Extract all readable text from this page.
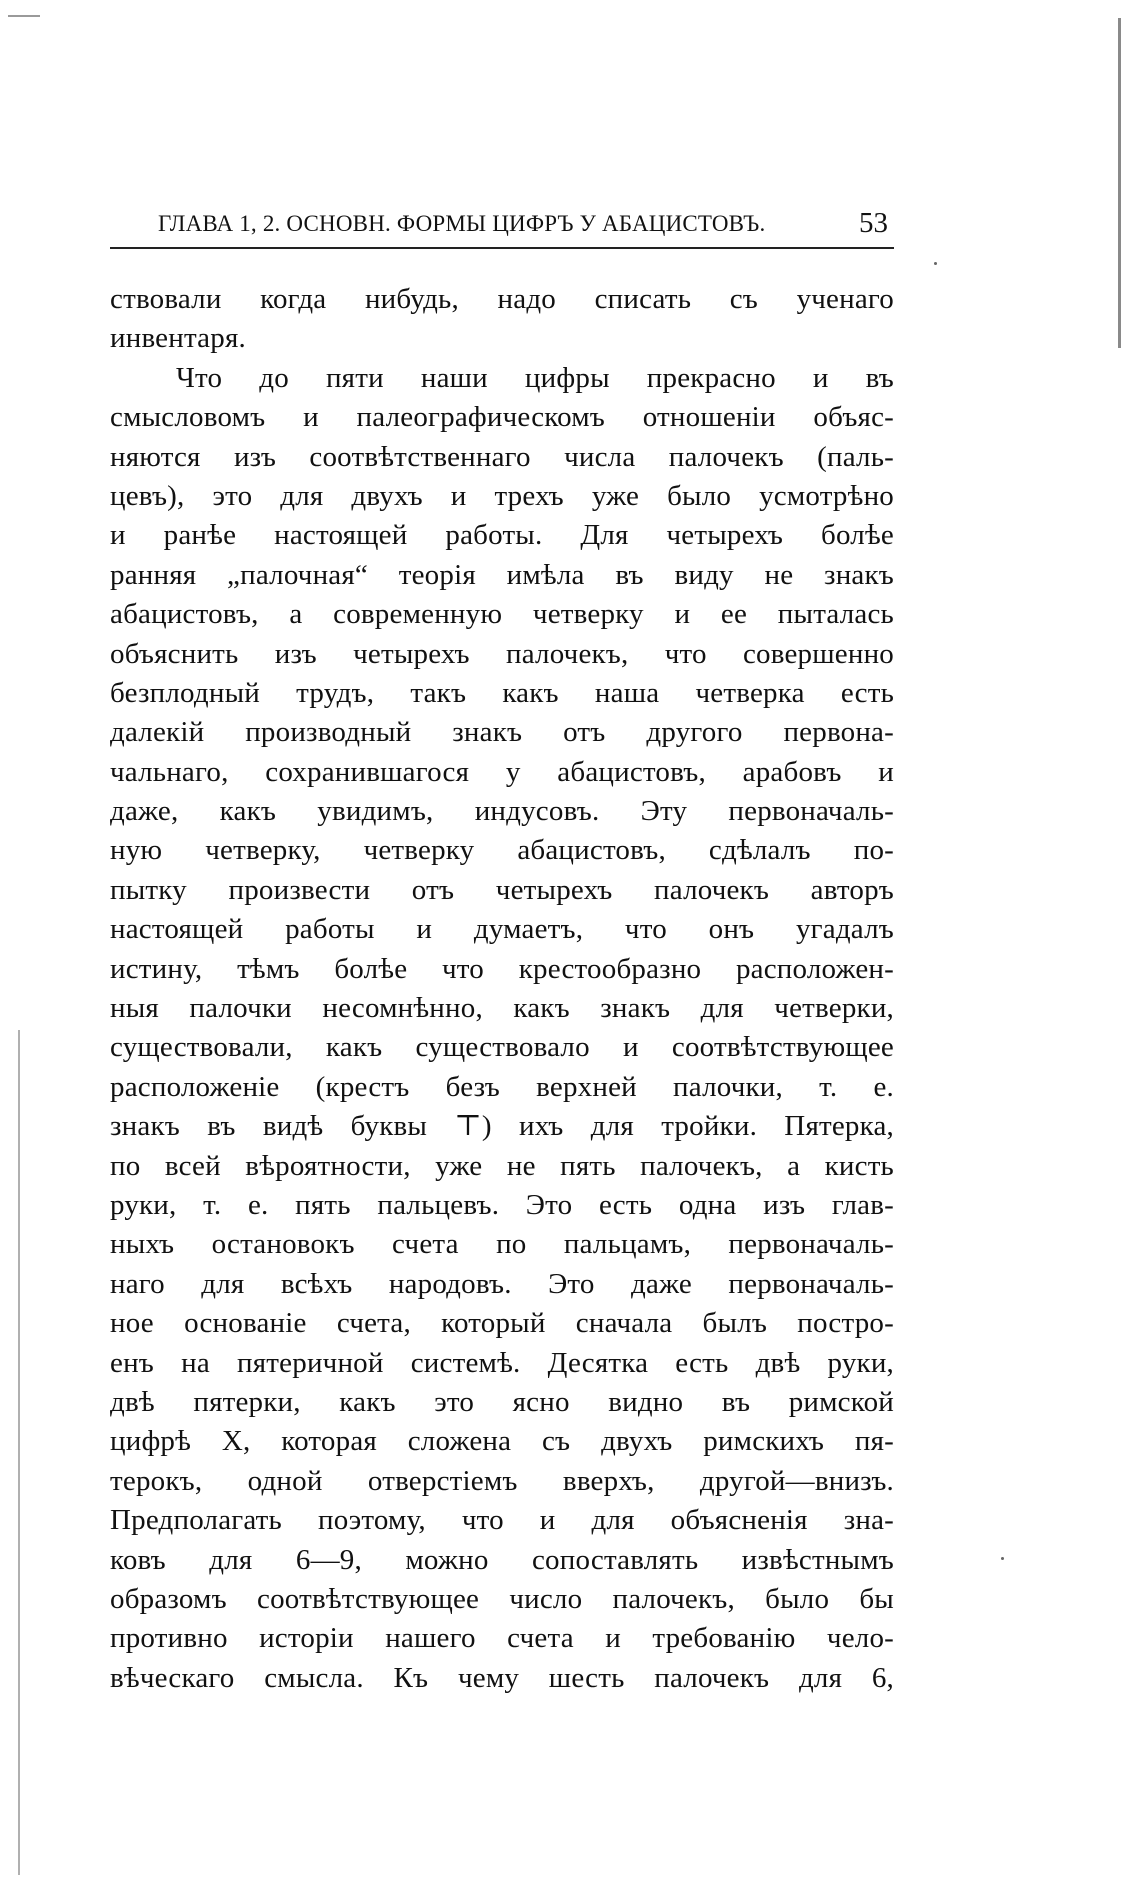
ГЛАВА 1, 2. ОСНОВН. ФОРМЫ ЦИФРЪ У АБАЦИСТОВЪ.	53
ствовали когда нибудь, надо списать съ ученаго
инвентаря.
Что до пяти наши цифры прекрасно и въ
смысловомъ и палеографическомъ отношенiи объяс-
няются изъ соотвѣтственнаго числа палочекъ (паль-
цевъ), это для двухъ и трехъ уже было усмотрѣно
и ранѣе настоящей работы. Для четырехъ болѣе
ранняя „палочная“ теорiя имѣла въ виду не знакъ
абацистовъ, а современную четверку и ее пыталась
объяснить изъ четырехъ палочекъ, что совершенно
безплодный трудъ, такъ какъ наша четверка есть
далекiй производный знакъ отъ другого первона-
чальнаго, сохранившагося у абацистовъ, арабовъ и
даже, какъ увидимъ, индусовъ. Эту первоначаль-
ную четверку, четверку абацистовъ, сдѣлалъ по-
пытку произвести отъ четырехъ палочекъ авторъ
настоящей работы и думаетъ, что онъ угадалъ
истину, тѣмъ болѣе что крестообразно расположен-
ныя палочки несомнѣнно, какъ знакъ для четверки,
существовали, какъ существовало и соотвѣтствующее
расположенiе (крестъ безъ верхней палочки, т. е.
знакъ въ видѣ буквы ⊤) ихъ для тройки. Пятерка,
по всей вѣроятности, уже не пять палочекъ, а кисть
руки, т. е. пять пальцевъ. Это есть одна изъ глав-
ныхъ остановокъ счета по пальцамъ, первоначаль-
наго для всѣхъ народовъ. Это даже первоначаль-
ное основанiе счета, который сначала былъ постро-
енъ на пятеричной системѣ. Десятка есть двѣ руки,
двѣ пятерки, какъ это ясно видно въ римской
цифрѣ X, которая сложена съ двухъ римскихъ пя-
терокъ, одной отверстiемъ вверхъ, другой—внизъ.
Предполагать поэтому, что и для объясненiя зна-
ковъ для 6—9, можно сопоставлять извѣстнымъ
образомъ соотвѣтствующее число палочекъ, было бы
противно исторiи нашего счета и требованiю чело-
вѣческаго смысла. Къ чему шесть палочекъ для 6,
